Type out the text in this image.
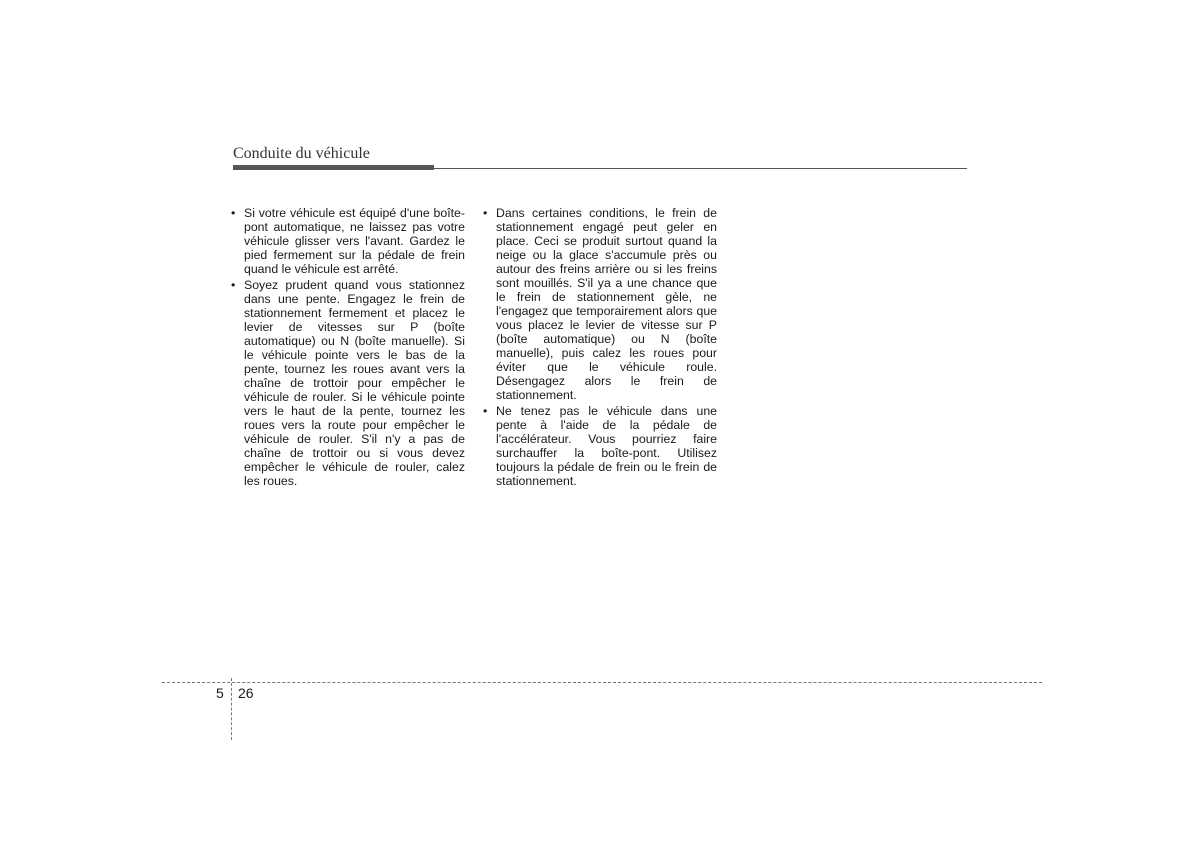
Conduite du véhicule
• Si votre véhicule est équipé d'une boîte-pont automatique, ne laissez pas votre véhicule glisser vers l'avant. Gardez le pied fermement sur la pédale de frein quand le véhicule est arrêté.
• Soyez prudent quand vous stationnez dans une pente. Engagez le frein de stationnement fermement et placez le levier de vitesses sur P (boîte automatique) ou N (boîte manuelle). Si le véhicule pointe vers le bas de la pente, tournez les roues avant vers la chaîne de trottoir pour empêcher le véhicule de rouler. Si le véhicule pointe vers le haut de la pente, tournez les roues vers la route pour empêcher le véhicule de rouler. S'il n'y a pas de chaîne de trottoir ou si vous devez empêcher le véhicule de rouler, calez les roues.
• Dans certaines conditions, le frein de stationnement engagé peut geler en place. Ceci se produit surtout quand la neige ou la glace s'accumule près ou autour des freins arrière ou si les freins sont mouillés. S'il ya a une chance que le frein de stationnement gèle, ne l'engagez que temporairement alors que vous placez le levier de vitesse sur P (boîte automatique) ou N (boîte manuelle), puis calez les roues pour éviter que le véhicule roule. Désengagez alors le frein de stationnement.
• Ne tenez pas le véhicule dans une pente à l'aide de la pédale de l'accélérateur. Vous pourriez faire surchauffer la boîte-pont. Utilisez toujours la pédale de frein ou le frein de stationnement.
5 26
